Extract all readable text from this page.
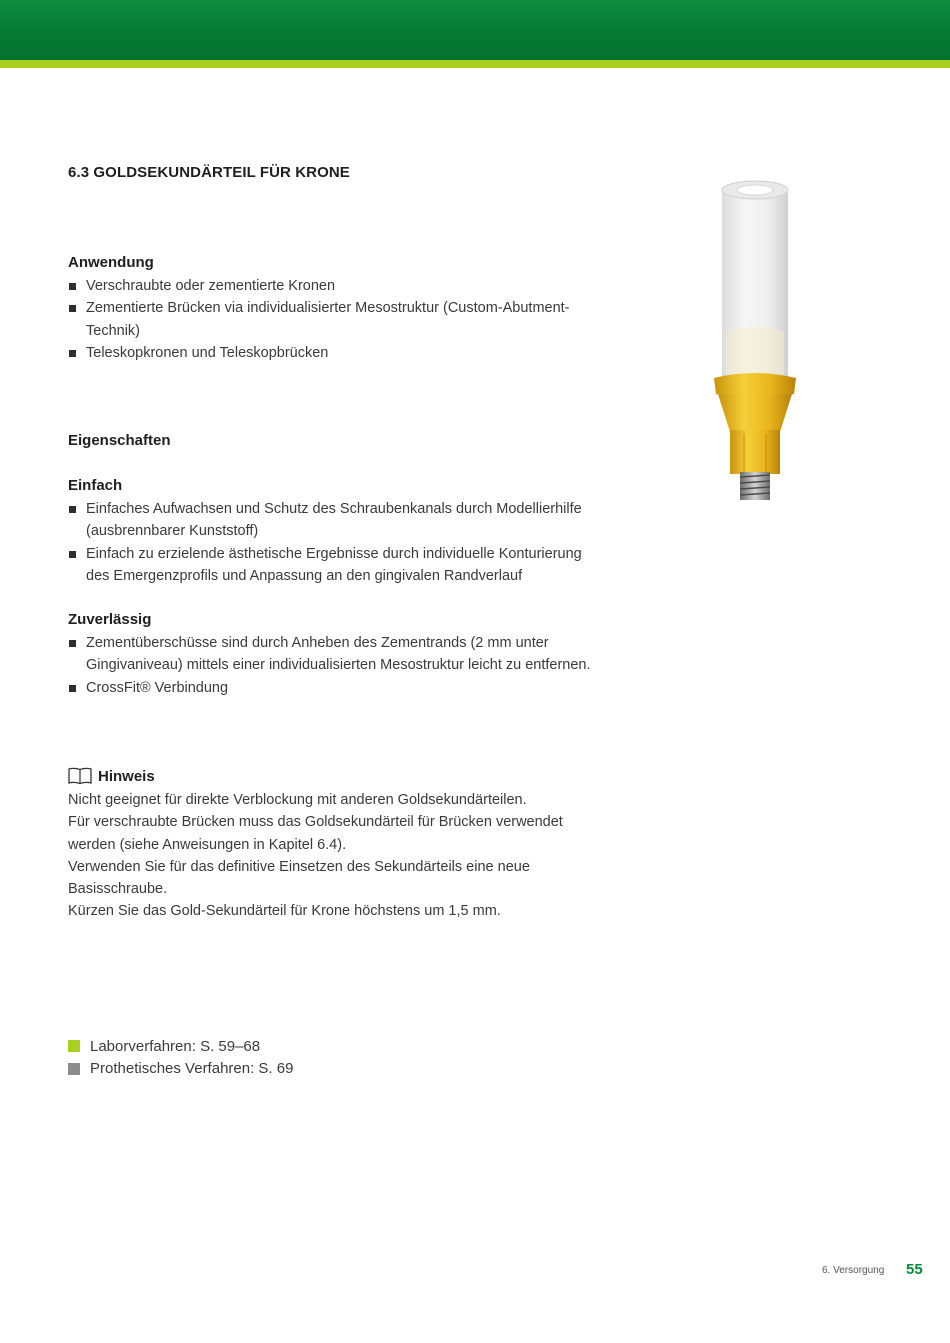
6.3 GOLDSEKUNDÄRTEIL FÜR KRONE
Anwendung
Verschraubte oder zementierte Kronen
Zementierte Brücken via individualisierter Mesostruktur (Custom-Abutment-
Technik)
Teleskopkronen und Teleskopbrücken
Eigenschaften
Einfach
Einfaches Aufwachsen und Schutz des Schraubenkanals durch Modellierhilfe
(ausbrennbarer Kunststoff)
Einfach zu erzielende ästhetische Ergebnisse durch individuelle Konturierung
des Emergenzprofils und Anpassung an den gingivalen Randverlauf
Zuverlässig
Zementüberschüsse sind durch Anheben des Zementrands (2 mm unter
Gingivaniveau) mittels einer individualisierten Mesostruktur leicht zu entfernen.
CrossFit® Verbindung
Hinweis

Nicht geeignet für direkte Verblockung mit anderen Goldsekundärteilen.

Für verschraubte Brücken muss das Goldsekundärteil für Brücken verwendet

werden (siehe Anweisungen in Kapitel 6.4).

Verwenden Sie für das definitive Einsetzen des Sekundärteils eine neue

Basisschraube.

Kürzen Sie das Gold-Sekundärteil für Krone höchstens um 1,5 mm.

Laborverfahren: S. 59–68
Prothetisches Verfahren: S. 69
6. Versorgung 55
